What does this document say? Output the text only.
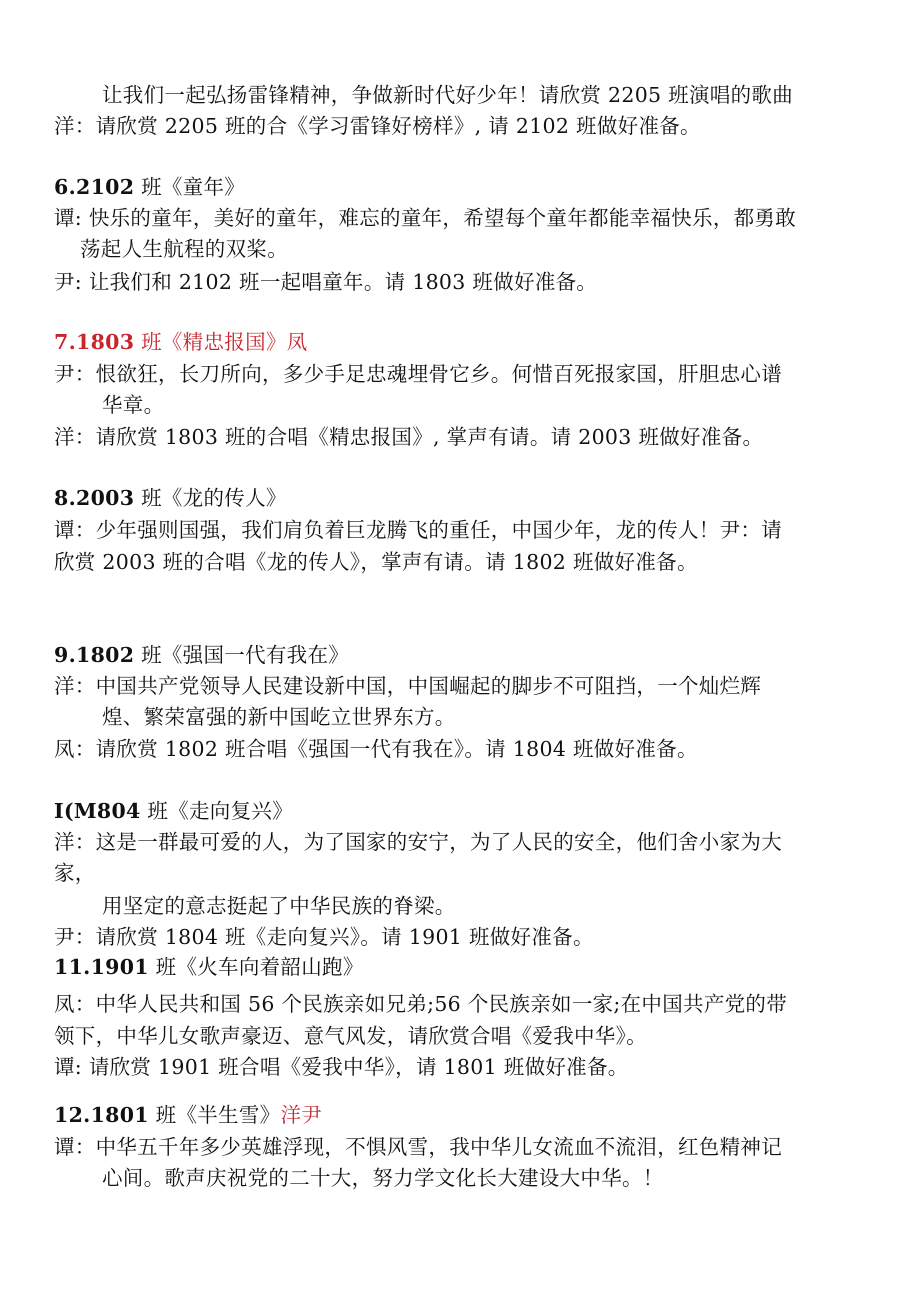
让我们一起弘扬雷锋精神，争做新时代好少年！请欣赏 2205 班演唱的歌曲
洋：请欣赏 2205 班的合《学习雷锋好榜样》, 请 2102 班做好准备。
6.2102 班《童年》
谭: 快乐的童年，美好的童年，难忘的童年，希望每个童年都能幸福快乐，都勇敢
荡起人生航程的双桨。
尹: 让我们和 2102 班一起唱童年。请 1803 班做好准备。
7.1803 班《精忠报国》凤
尹：恨欲狂，长刀所向，多少手足忠魂埋骨它乡。何惜百死报家国，肝胆忠心谱
华章。
洋：请欣赏 1803 班的合唱《精忠报国》, 掌声有请。请 2003 班做好准备。
8.2003 班《龙的传人》
谭：少年强则国强，我们肩负着巨龙腾飞的重任，中国少年，龙的传人！尹：请
欣赏 2003 班的合唱《龙的传人》，掌声有请。请 1802 班做好准备。
9.1802 班《强国一代有我在》
洋：中国共产党领导人民建设新中国，中国崛起的脚步不可阻挡，一个灿烂辉
煌、繁荣富强的新中国屹立世界东方。
凤：请欣赏 1802 班合唱《强国一代有我在》。请 1804 班做好准备。
I(M804 班《走向复兴》
洋：这是一群最可爱的人，为了国家的安宁，为了人民的安全，他们舍小家为大
家，
用坚定的意志挺起了中华民族的脊梁。
尹：请欣赏 1804 班《走向复兴》。请 1901 班做好准备。
11.1901 班《火车向着韶山跑》
凤：中华人民共和国 56 个民族亲如兄弟;56 个民族亲如一家;在中国共产党的带
领下，中华儿女歌声豪迈、意气风发，请欣赏合唱《爱我中华》。
谭: 请欣赏 1901 班合唱《爱我中华》，请 1801 班做好准备。
12.1801 班《半生雪》洋尹
谭：中华五千年多少英雄浮现，不惧风雪，我中华儿女流血不流泪，红色精神记
心间。歌声庆祝党的二十大，努力学文化长大建设大中华。！
